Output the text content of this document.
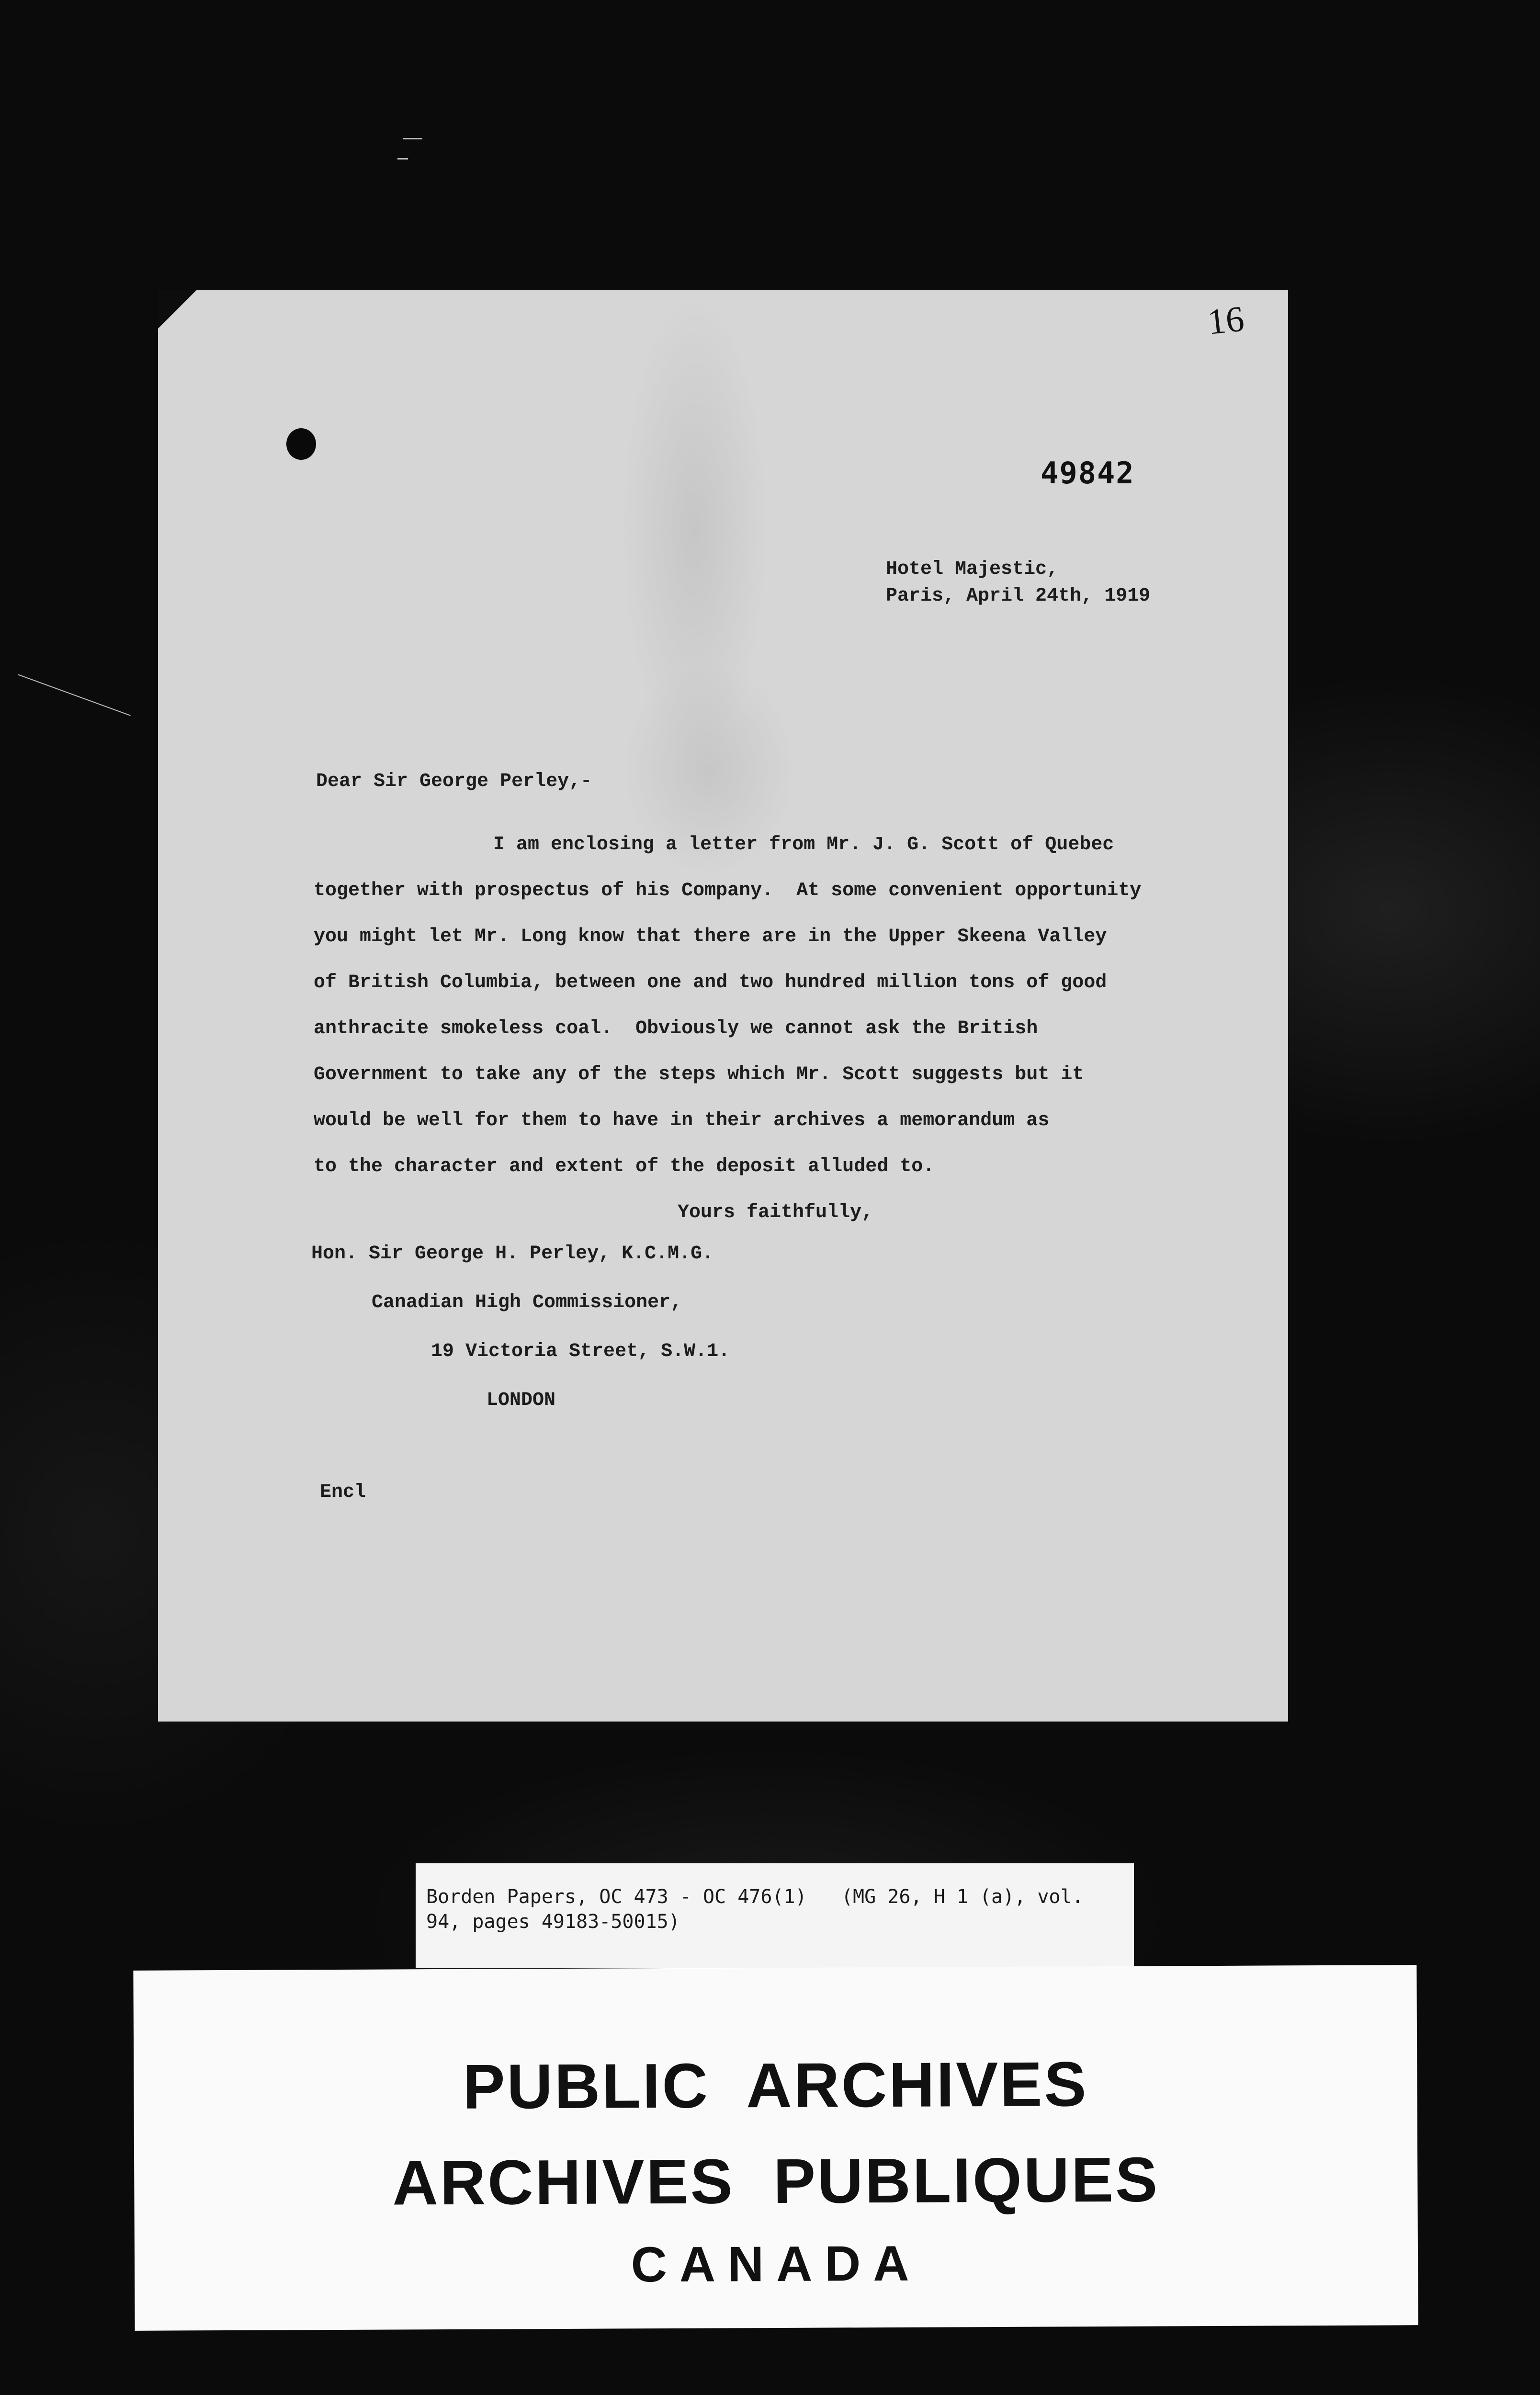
16
49842
Hotel Majestic,
Paris, April 24th, 1919
Dear Sir George Perley,-
I am enclosing a letter from Mr. J. G. Scott of Quebec
together with prospectus of his Company.  At some convenient opportunity
you might let Mr. Long know that there are in the Upper Skeena Valley
of British Columbia, between one and two hundred million tons of good
anthracite smokeless coal.  Obviously we cannot ask the British
Government to take any of the steps which Mr. Scott suggests but it
would be well for them to have in their archives a memorandum as
to the character and extent of the deposit alluded to.
Yours faithfully,
Hon. Sir George H. Perley, K.C.M.G.
Canadian High Commissioner,
19 Victoria Street, S.W.1.
LONDON
Encl
Borden Papers, OC 473 - OC 476(1)   (MG 26, H 1 (a), vol.
94, pages 49183-50015)
PUBLIC  ARCHIVES
ARCHIVES  PUBLIQUES
CANADA
